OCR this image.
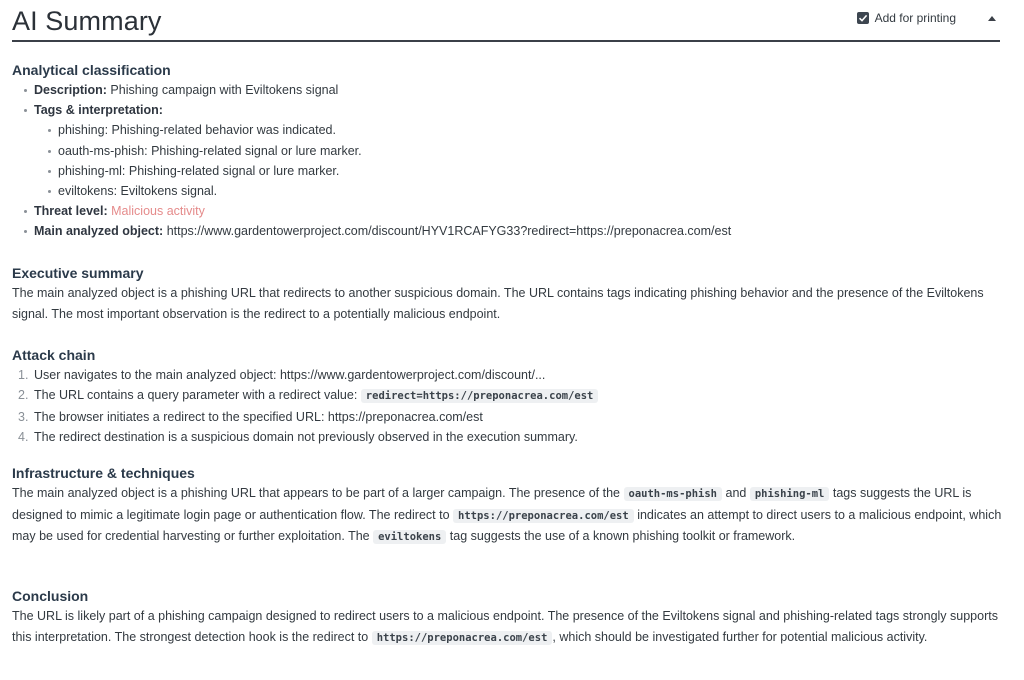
AI Summary	Add for printing
Analytical classification
Description: Phishing campaign with Eviltokens signal
Tags & interpretation:
phishing: Phishing-related behavior was indicated.
oauth-ms-phish: Phishing-related signal or lure marker.
phishing-ml: Phishing-related signal or lure marker.
eviltokens: Eviltokens signal.
Threat level: Malicious activity
Main analyzed object: https://www.gardentowerproject.com/discount/HYV1RCAFYG33?redirect=https://preponacrea.com/est
Executive summary
The main analyzed object is a phishing URL that redirects to another suspicious domain. The URL contains tags indicating phishing behavior and the presence of the Eviltokens signal. The most important observation is the redirect to a potentially malicious endpoint.
Attack chain
1. User navigates to the main analyzed object: https://www.gardentowerproject.com/discount/...
2. The URL contains a query parameter with a redirect value: redirect=https://preponacrea.com/est
3. The browser initiates a redirect to the specified URL: https://preponacrea.com/est
4. The redirect destination is a suspicious domain not previously observed in the execution summary.
Infrastructure & techniques
The main analyzed object is a phishing URL that appears to be part of a larger campaign. The presence of the oauth-ms-phish and phishing-ml tags suggests the URL is designed to mimic a legitimate login page or authentication flow. The redirect to https://preponacrea.com/est indicates an attempt to direct users to a malicious endpoint, which may be used for credential harvesting or further exploitation. The eviltokens tag suggests the use of a known phishing toolkit or framework.
Conclusion
The URL is likely part of a phishing campaign designed to redirect users to a malicious endpoint. The presence of the Eviltokens signal and phishing-related tags strongly supports this interpretation. The strongest detection hook is the redirect to https://preponacrea.com/est , which should be investigated further for potential malicious activity.
